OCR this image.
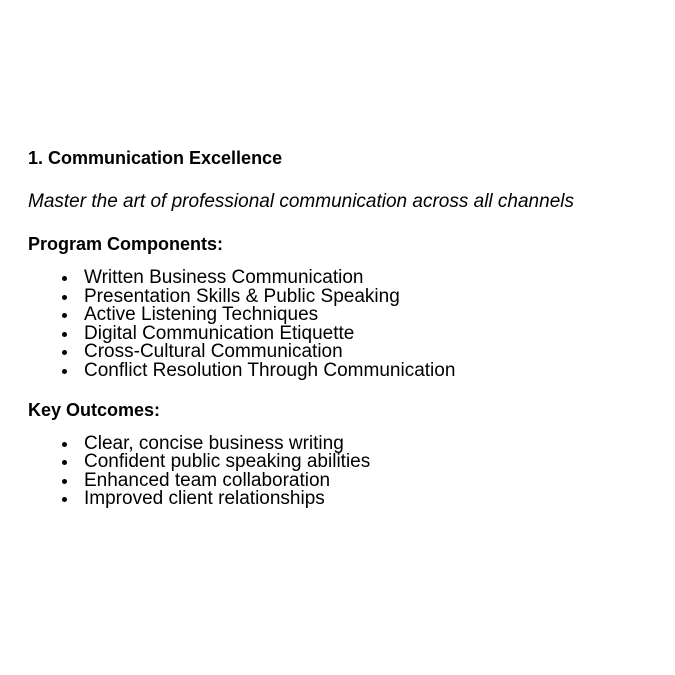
1. Communication Excellence

Master the art of professional communication across all channels

Program Components:
Written Business Communication
Presentation Skills & Public Speaking
Active Listening Techniques
Digital Communication Etiquette
Cross-Cultural Communication
Conflict Resolution Through Communication
Key Outcomes:
Clear, concise business writing
Confident public speaking abilities
Enhanced team collaboration
Improved client relationships
